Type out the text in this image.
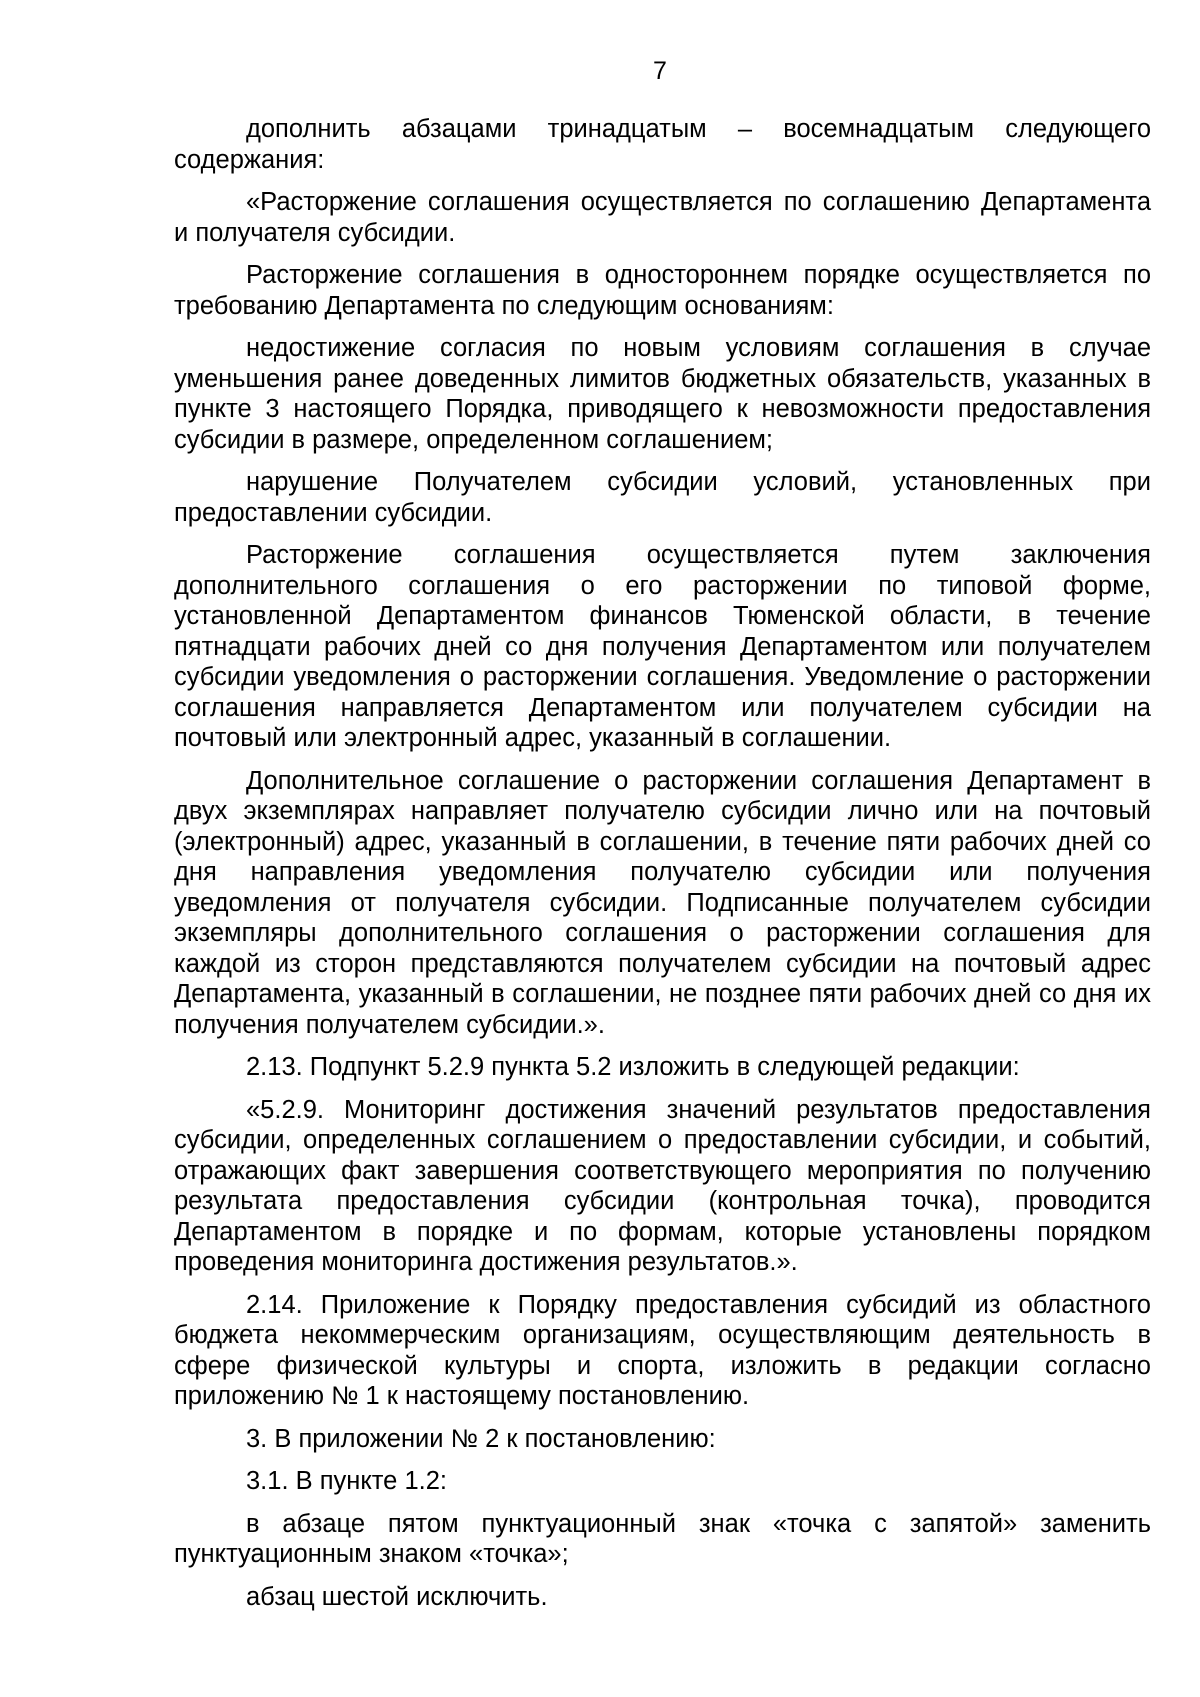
7

дополнить абзацами тринадцатым – восемнадцатым следующего содержания:

«Расторжение соглашения осуществляется по соглашению Департамента и получателя субсидии.

Расторжение соглашения в одностороннем порядке осуществляется по требованию Департамента по следующим основаниям:

недостижение согласия по новым условиям соглашения в случае уменьшения ранее доведенных лимитов бюджетных обязательств, указанных в пункте 3 настоящего Порядка, приводящего к невозможности предоставления субсидии в размере, определенном соглашением;

нарушение Получателем субсидии условий, установленных при предоставлении субсидии.

Расторжение соглашения осуществляется путем заключения дополнительного соглашения о его расторжении по типовой форме, установленной Департаментом финансов Тюменской области, в течение пятнадцати рабочих дней со дня получения Департаментом или получателем субсидии уведомления о расторжении соглашения. Уведомление о расторжении соглашения направляется Департаментом или получателем субсидии на почтовый или электронный адрес, указанный в соглашении.

Дополнительное соглашение о расторжении соглашения Департамент в двух экземплярах направляет получателю субсидии лично или на почтовый (электронный) адрес, указанный в соглашении, в течение пяти рабочих дней со дня направления уведомления получателю субсидии или получения уведомления от получателя субсидии. Подписанные получателем субсидии экземпляры дополнительного соглашения о расторжении соглашения для каждой из сторон представляются получателем субсидии на почтовый адрес Департамента, указанный в соглашении, не позднее пяти рабочих дней со дня их получения получателем субсидии.».

2.13. Подпункт 5.2.9 пункта 5.2 изложить в следующей редакции:

«5.2.9. Мониторинг достижения значений результатов предоставления субсидии, определенных соглашением о предоставлении субсидии, и событий, отражающих факт завершения соответствующего мероприятия по получению результата предоставления субсидии (контрольная точка), проводится Департаментом в порядке и по формам, которые установлены порядком проведения мониторинга достижения результатов.».

2.14. Приложение к Порядку предоставления субсидий из областного бюджета некоммерческим организациям, осуществляющим деятельность в сфере физической культуры и спорта, изложить в редакции согласно приложению № 1 к настоящему постановлению.

3. В приложении № 2 к постановлению:

3.1. В пункте 1.2:

в абзаце пятом пунктуационный знак «точка с запятой» заменить пунктуационным знаком «точка»;

абзац шестой исключить.
